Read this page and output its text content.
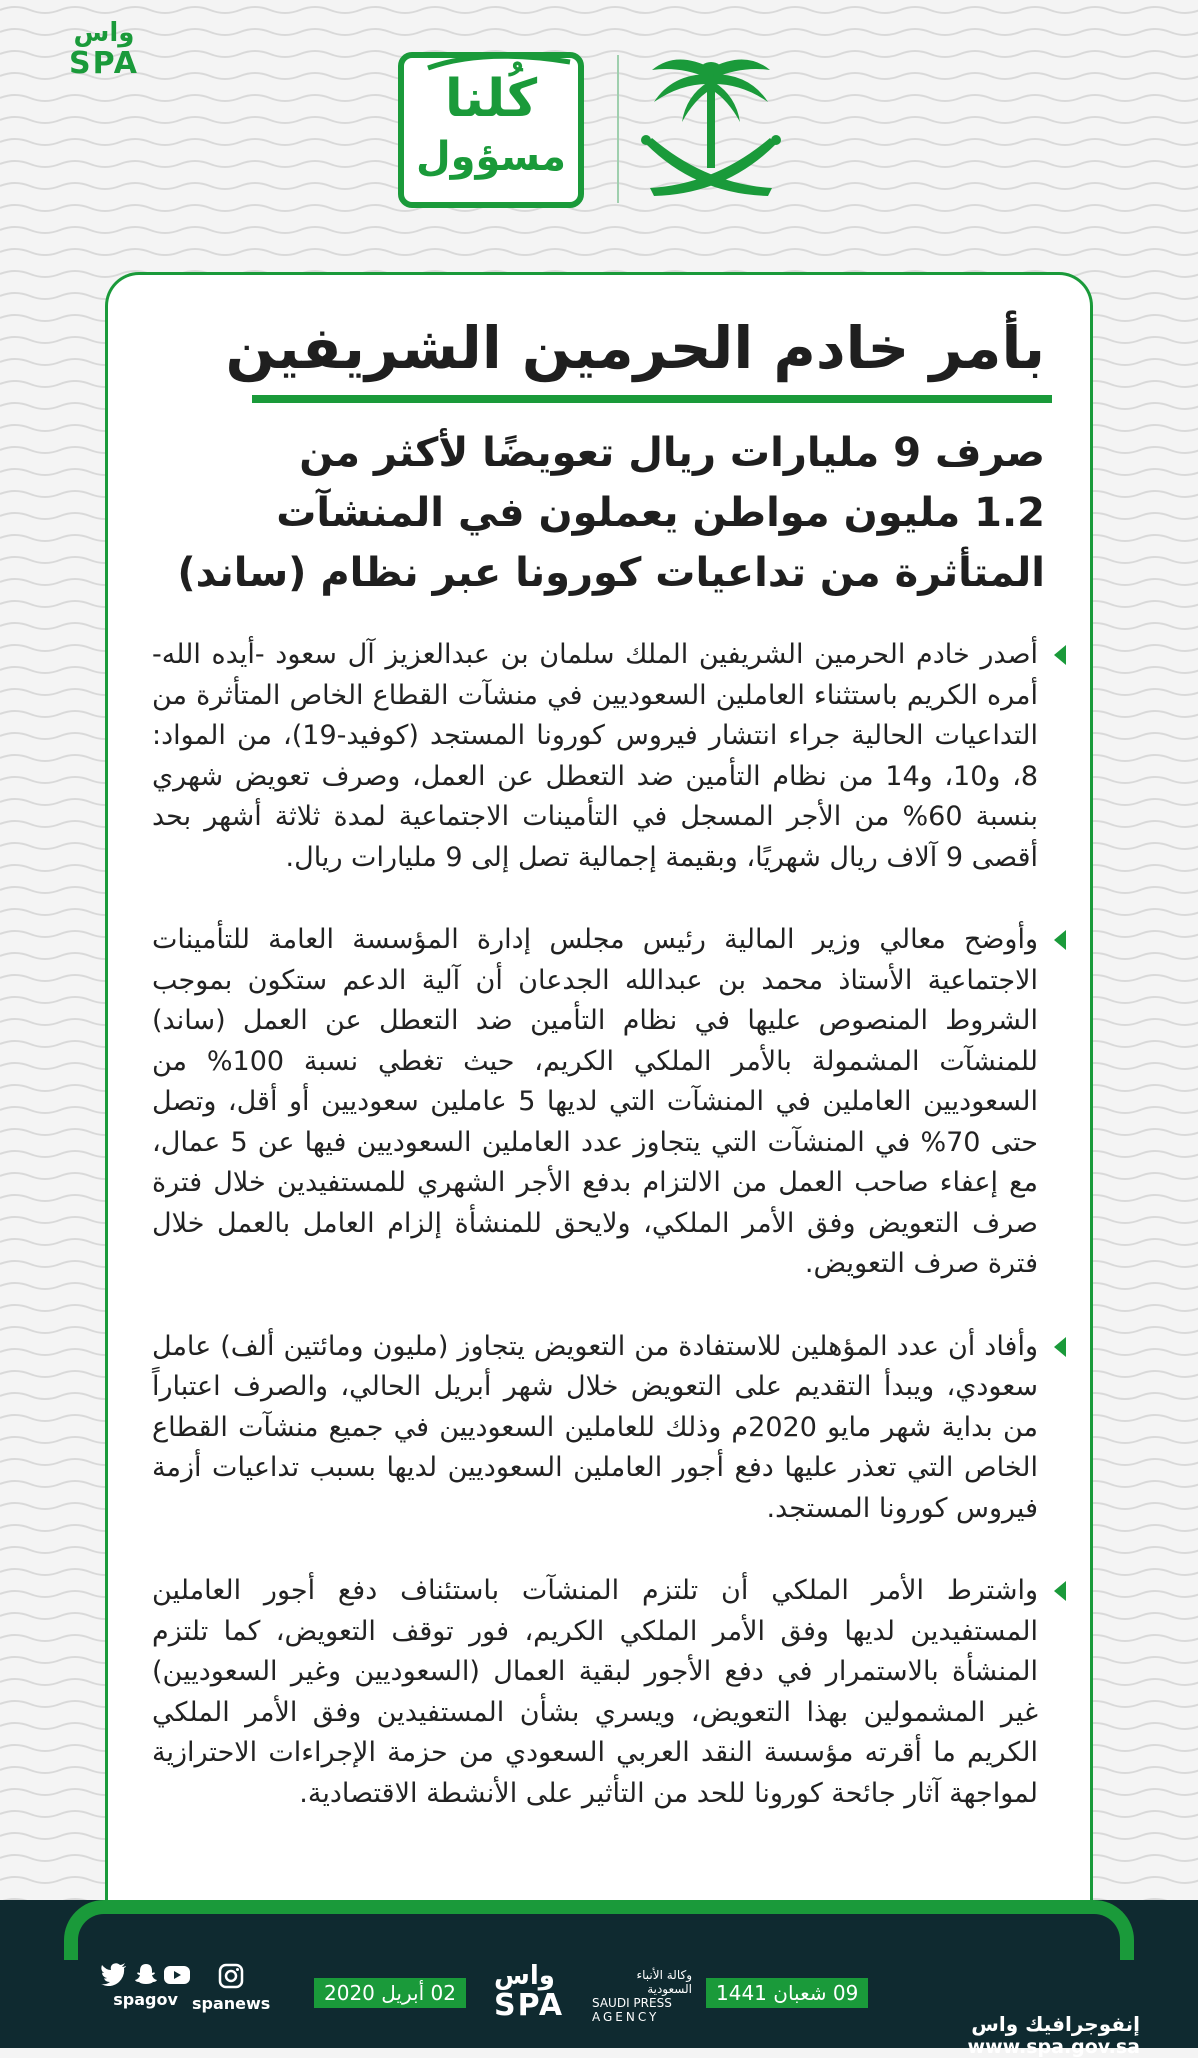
واس
SPA
كُلنا
مسؤول
بأمر خادم الحرمين الشريفين
صرف 9 مليارات ريال تعويضًا لأكثر من
1.2 مليون مواطن يعملون في المنشآت
المتأثرة من تداعيات كورونا عبر نظام (ساند)

أصدر خادم الحرمين الشريفين الملك سلمان بن عبدالعزيز آل سعود -أيده الله- أمره الكريم باستثناء العاملين السعوديين في منشآت القطاع الخاص المتأثرة من التداعيات الحالية جراء انتشار فيروس كورونا المستجد (كوفيد-19)، من المواد: 8، و10، و14 من نظام التأمين ضد التعطل عن العمل، وصرف تعويض شهري بنسبة 60% من الأجر المسجل في التأمينات الاجتماعية لمدة ثلاثة أشهر بحد أقصى 9 آلاف ريال شهريًا، وبقيمة إجمالية تصل إلى 9 مليارات ريال.

وأوضح معالي وزير المالية رئيس مجلس إدارة المؤسسة العامة للتأمينات الاجتماعية الأستاذ محمد بن عبدالله الجدعان أن آلية الدعم ستكون بموجب الشروط المنصوص عليها في نظام التأمين ضد التعطل عن العمل (ساند) للمنشآت المشمولة بالأمر الملكي الكريم، حيث تغطي نسبة 100% من السعوديين العاملين في المنشآت التي لديها 5 عاملين سعوديين أو أقل، وتصل حتى 70% في المنشآت التي يتجاوز عدد العاملين السعوديين فيها عن 5 عمال، مع إعفاء صاحب العمل من الالتزام بدفع الأجر الشهري للمستفيدين خلال فترة صرف التعويض وفق الأمر الملكي، ولايحق للمنشأة إلزام العامل بالعمل خلال فترة صرف التعويض.

وأفاد أن عدد المؤهلين للاستفادة من التعويض يتجاوز (مليون ومائتين ألف) عامل سعودي، ويبدأ التقديم على التعويض خلال شهر أبريل الحالي، والصرف اعتباراً من بداية شهر مايو 2020م وذلك للعاملين السعوديين في جميع منشآت القطاع الخاص التي تعذر عليها دفع أجور العاملين السعوديين لديها بسبب تداعيات أزمة فيروس كورونا المستجد.

واشترط الأمر الملكي أن تلتزم المنشآت باستئناف دفع أجور العاملين المستفيدين لديها وفق الأمر الملكي الكريم، فور توقف التعويض، كما تلتزم المنشأة بالاستمرار في دفع الأجور لبقية العمال (السعوديين وغير السعوديين) غير المشمولين بهذا التعويض، ويسري بشأن المستفيدين وفق الأمر الملكي الكريم ما أقرته مؤسسة النقد العربي السعودي من حزمة الإجراءات الاحترازية لمواجهة آثار جائحة كورونا للحد من التأثير على الأنشطة الاقتصادية.

إنفوجرافيك واس
www.spa.gov.sa
09 شعبان 1441
واس
SPA
وكالة الأنباء السعودية
SAUDI PRESS
AGENCY
02 أبريل 2020
spanews

spagov
